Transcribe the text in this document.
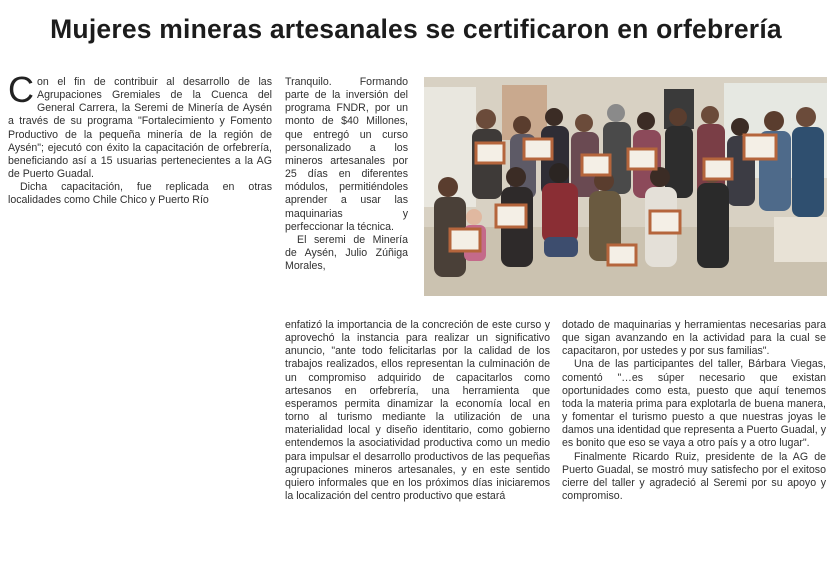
Mujeres mineras artesanales se certificaron en orfebrería

Con el fin de contribuir al desarrollo de las Agrupaciones Gremiales de la Cuenca del General Carrera, la Seremi de Minería de Aysén a través de su programa "Fortalecimiento y Fomento Productivo de la pequeña minería de la región de Aysén"; ejecutó con éxito la capacitación de orfebrería, beneficiando así a 15 usuarias pertenecientes a la AG de Puerto Guadal.

Dicha capacitación, fue replicada en otras localidades como Chile Chico y Puerto Río

Tranquilo. Formando parte de la inversión del programa FNDR, por un monto de $40 Millones, que entregó un curso personalizado a los mineros artesanales por 25 días en diferentes módulos, permitiéndoles aprender a usar las maquinarias y perfeccionar la técnica.

El seremi de Minería de Aysén, Julio Zúñiga Morales,

enfatizó la importancia de la concreción de este curso y aprovechó la instancia para realizar un significativo anuncio, "ante todo felicitarlas por la calidad de los trabajos realizados, ellos representan la culminación de un compromiso adquirido de capacitarlos como artesanos en orfebrería, una herramienta que esperamos permita dinamizar la economía local en torno al turismo mediante la utilización de una materialidad local y diseño identitario, como gobierno entendemos la asociatividad productiva como un medio para impulsar el desarrollo productivos de las pequeñas agrupaciones mineros artesanales, y en este sentido quiero informales que en los próximos días iniciaremos la localización del centro productivo que estará

dotado de maquinarias y herramientas necesarias para que sigan avanzando en la actividad para la cual se capacitaron, por ustedes y por sus familias".

Una de las participantes del taller, Bárbara Viegas, comentó "…es súper necesario que existan oportunidades como esta, puesto que aquí tenemos toda la materia prima para explotarla de buena manera, y fomentar el turismo puesto a que nuestras joyas le damos una identidad que representa a Puerto Guadal, y es bonito que eso se vaya a otro país y a otro lugar".

Finalmente Ricardo Ruiz, presidente de la AG de Puerto Guadal, se mostró muy satisfecho por el exitoso cierre del taller y agradeció al Seremi por su apoyo y compromiso.
